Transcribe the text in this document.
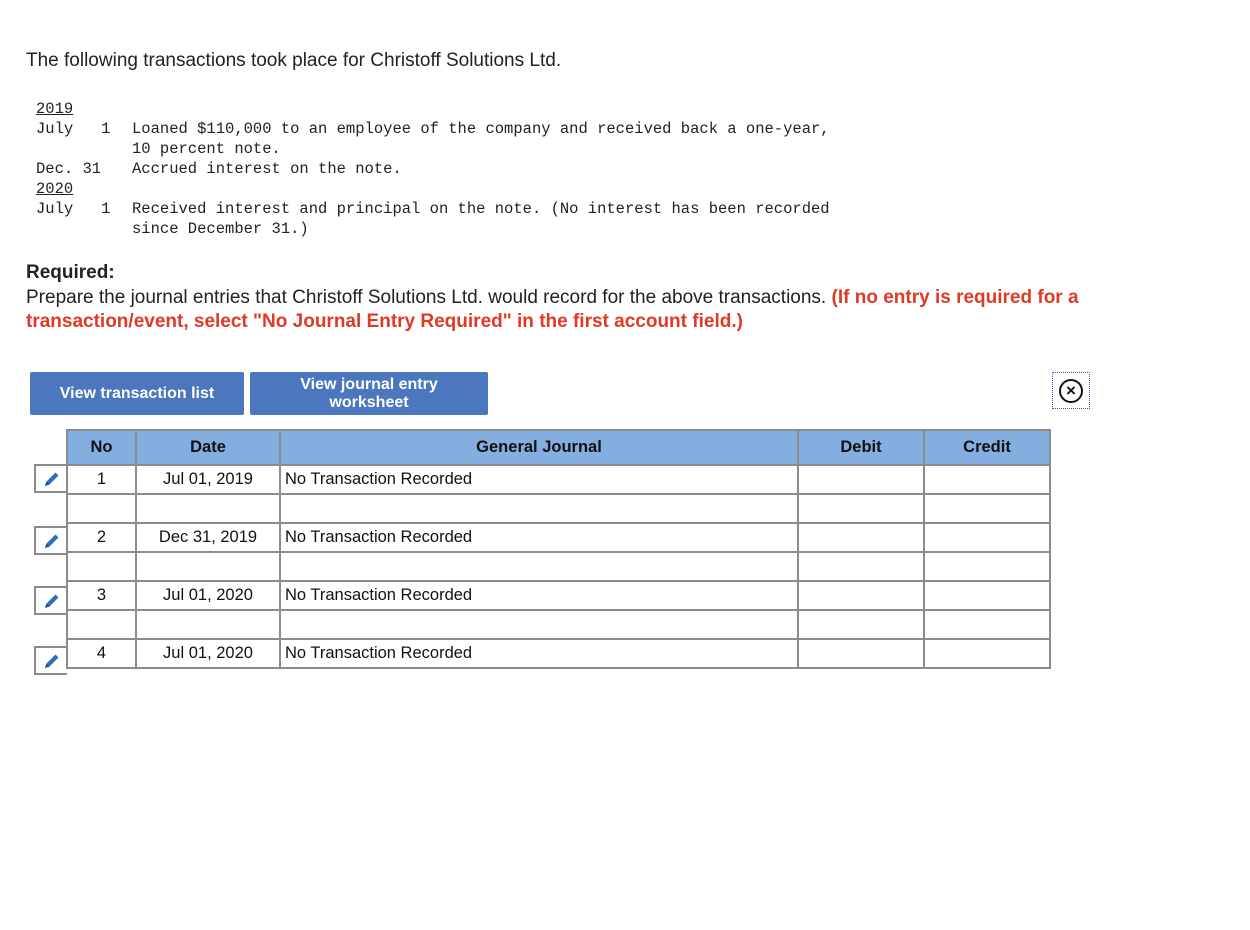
The following transactions took place for Christoff Solutions Ltd.

2019
July   1 Loaned $110,000 to an employee of the company and received back a one-year,
10 percent note.
Dec. 31 Accrued interest on the note.
2020
July   1 Received interest and principal on the note. (No interest has been recorded
since December 31.)
Required:

Prepare the journal entries that Christoff Solutions Ltd. would record for the above transactions. (If no entry is required for a transaction/event, select "No Journal Entry Required" in the first account field.)

View transaction list
View journal entry worksheet
×
No	Date	General Journal	Debit	Credit
1	Jul 01, 2019	No Transaction Recorded		

2	Dec 31, 2019	No Transaction Recorded		

3	Jul 01, 2020	No Transaction Recorded		

4	Jul 01, 2020	No Transaction Recorded		
